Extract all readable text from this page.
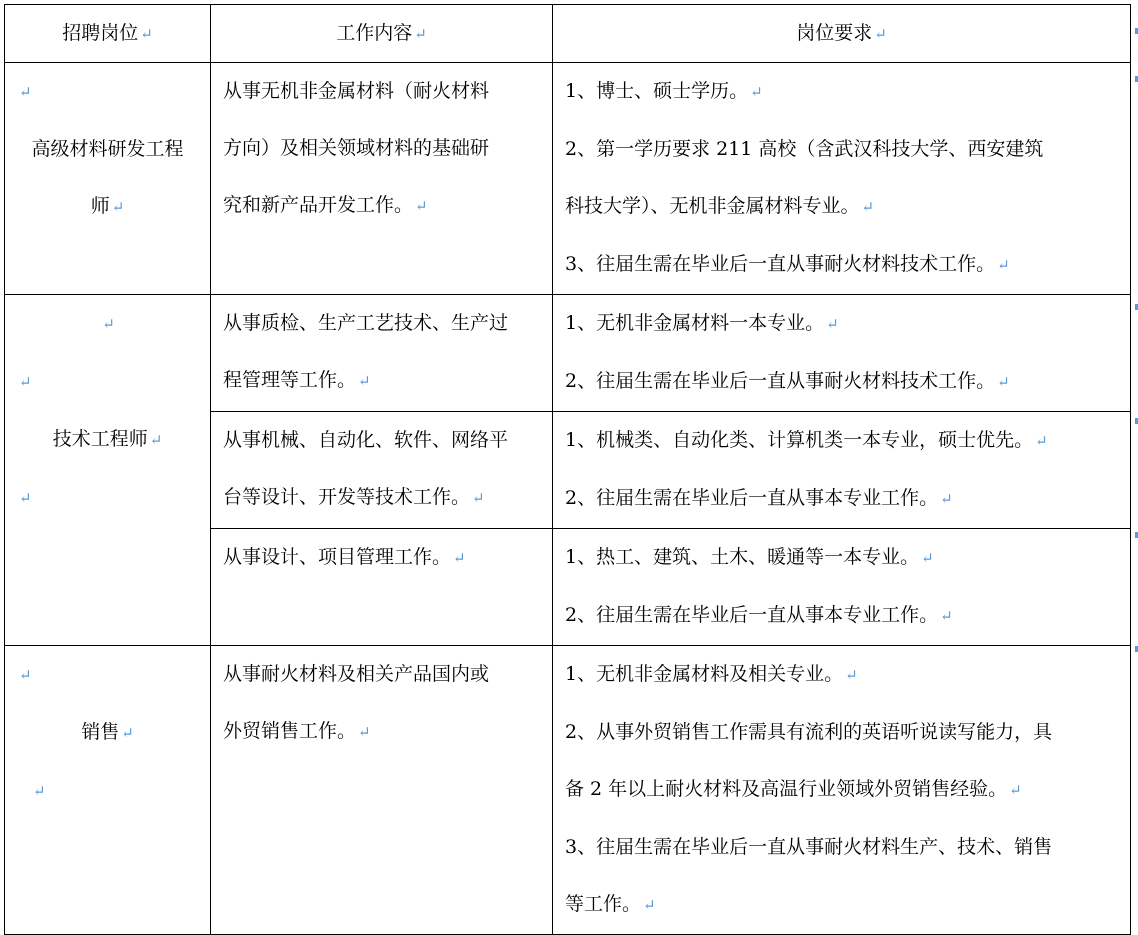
招聘岗位 ↵	工作内容 ↵	岗位要求 ↵

↵
高级材料研发工程
师 ↵	从事无机非金属材料（耐火材料
方向）及相关领域材料的基础研
究和新产品开发工作。 ↵	1、博士、硕士学历。 ↵
2、第一学历要求 211 高校（含武汉科技大学、西安建筑
科技大学）、无机非金属材料专业。 ↵
3、往届生需在毕业后一直从事耐火材料技术工作。 ↵

↵
↵
技术工程师 ↵
↵	从事质检、生产工艺技术、生产过
程管理等工作。 ↵	1、无机非金属材料一本专业。 ↵
2、往届生需在毕业后一直从事耐火材料技术工作。 ↵

	从事机械、自动化、软件、网络平
台等设计、开发等技术工作。 ↵	1、机械类、自动化类、计算机类一本专业，硕士优先。 ↵
2、往届生需在毕业后一直从事本专业工作。 ↵

	从事设计、项目管理工作。 ↵	1、热工、建筑、土木、暖通等一本专业。 ↵
2、往届生需在毕业后一直从事本专业工作。 ↵

↵
销售 ↵
↵	从事耐火材料及相关产品国内或
外贸销售工作。 ↵	1、无机非金属材料及相关专业。 ↵
2、从事外贸销售工作需具有流利的英语听说读写能力，具
备 2 年以上耐火材料及高温行业领域外贸销售经验。 ↵
3、往届生需在毕业后一直从事耐火材料生产、技术、销售
等工作。 ↵
